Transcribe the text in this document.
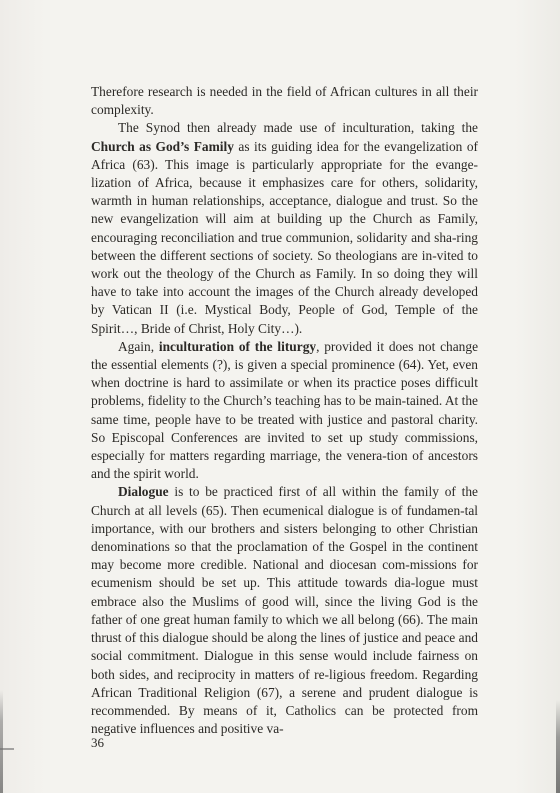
Therefore research is needed in the field of African cultures in all their complexity.

The Synod then already made use of inculturation, taking the Church as God’s Family as its guiding idea for the evangelization of Africa (63). This image is particularly appropriate for the evange-lization of Africa, because it emphasizes care for others, solidarity, warmth in human relationships, acceptance, dialogue and trust. So the new evangelization will aim at building up the Church as Family, encouraging reconciliation and true communion, solidarity and sha-ring between the different sections of society. So theologians are in-vited to work out the theology of the Church as Family. In so doing they will have to take into account the images of the Church already developed by Vatican II (i.e. Mystical Body, People of God, Temple of the Spirit…, Bride of Christ, Holy City…).

Again, inculturation of the liturgy, provided it does not change the essential elements (?), is given a special prominence (64). Yet, even when doctrine is hard to assimilate or when its practice poses difficult problems, fidelity to the Church’s teaching has to be main-tained. At the same time, people have to be treated with justice and pastoral charity. So Episcopal Conferences are invited to set up study commissions, especially for matters regarding marriage, the venera-tion of ancestors and the spirit world.

Dialogue is to be practiced first of all within the family of the Church at all levels (65). Then ecumenical dialogue is of fundamen-tal importance, with our brothers and sisters belonging to other Christian denominations so that the proclamation of the Gospel in the continent may become more credible. National and diocesan com-missions for ecumenism should be set up. This attitude towards dia-logue must embrace also the Muslims of good will, since the living God is the father of one great human family to which we all belong (66). The main thrust of this dialogue should be along the lines of justice and peace and social commitment. Dialogue in this sense would include fairness on both sides, and reciprocity in matters of re-ligious freedom. Regarding African Traditional Religion (67), a serene and prudent dialogue is recommended. By means of it, Catholics can be protected from negative influences and positive va-

36
